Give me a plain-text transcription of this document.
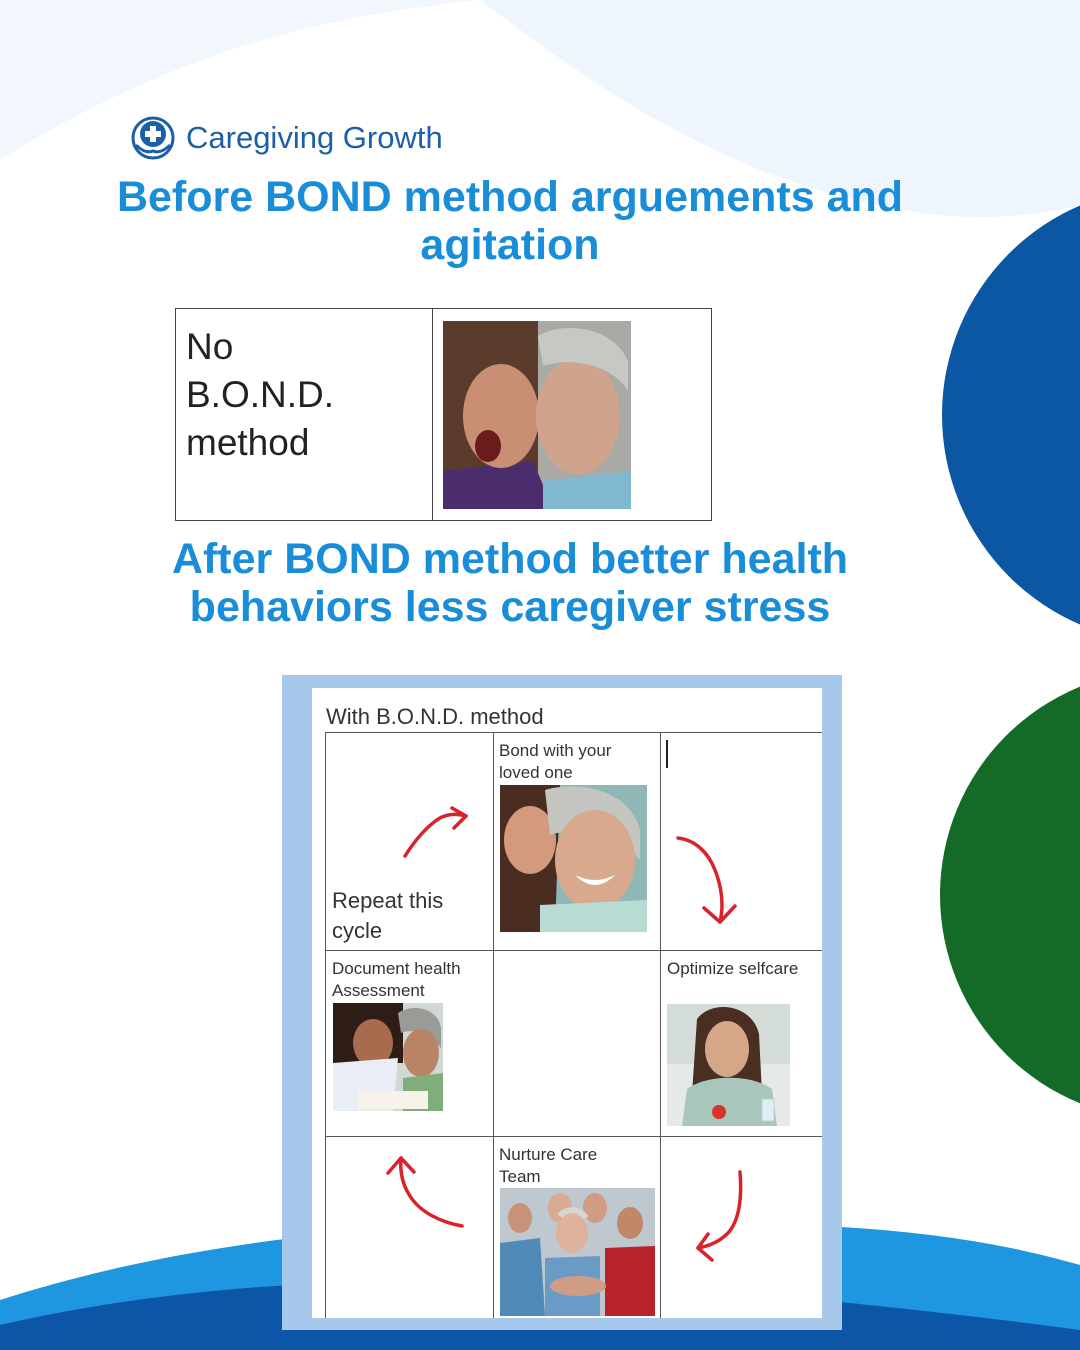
Caregiving Growth
Before BOND method arguements and agitation
After BOND method better health behaviors less caregiver stress
No
B.O.N.D.
method
With B.O.N.D. method
Repeat this
cycle
Bond with your
loved one
Document health
Assessment
Optimize selfcare
Nurture Care
Team
